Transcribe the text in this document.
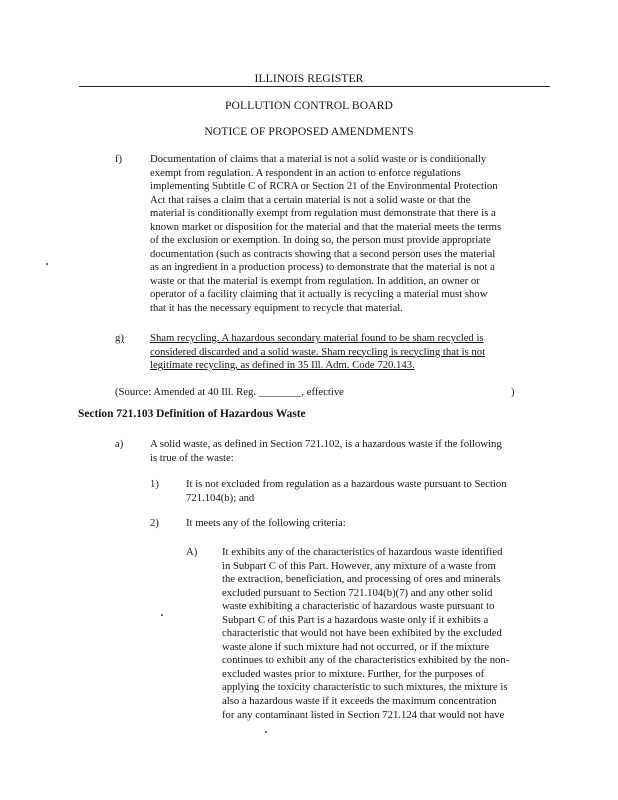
ILLINOIS REGISTER
POLLUTION CONTROL BOARD
NOTICE OF PROPOSED AMENDMENTS
f)	Documentation of claims that a material is not a solid waste or is conditionally
exempt from regulation. A respondent in an action to enforce regulations
implementing Subtitle C of RCRA or Section 21 of the Environmental Protection
Act that raises a claim that a certain material is not a solid waste or that the
material is conditionally exempt from regulation must demonstrate that there is a
known market or disposition for the material and that the material meets the terms
of the exclusion or exemption. In doing so, the person must provide appropriate
documentation (such as contracts showing that a second person uses the material
as an ingredient in a production process) to demonstrate that the material is not a
waste or that the material is exempt from regulation. In addition, an owner or
operator of a facility claiming that it actually is recycling a material must show
that it has the necessary equipment to recycle that material.
g) Sham recycling. A hazardous secondary material found to be sham recycled is
considered discarded and a solid waste. Sham recycling is recycling that is not
legitimate recycling, as defined in 35 Ill. Adm. Code 720.143.
(Source: Amended at 40 Ill. Reg. ________, effective	)
Section 721.103 Definition of Hazardous Waste
a) A solid waste, as defined in Section 721.102, is a hazardous waste if the following
is true of the waste:
1)	It is not excluded from regulation as a hazardous waste pursuant to Section
721.104(b); and
2)	It meets any of the following criteria:
A) It exhibits any of the characteristics of hazardous waste identified
in Subpart C of this Part. However, any mixture of a waste from
the extraction, beneficiation, and processing of ores and minerals
excluded pursuant to Section 721.104(b)(7) and any other solid
waste exhibiting a characteristic of hazardous waste pursuant to
Subpart C of this Part is a hazardous waste only if it exhibits a
characteristic that would not have been exhibited by the excluded
waste alone if such mixture had not occurred, or if the mixture
continues to exhibit any of the characteristics exhibited by the non-
excluded wastes prior to mixture. Further, for the purposes of
applying the toxicity characteristic to such mixtures, the mixture is
also a hazardous waste if it exceeds the maximum concentration
for any contaminant listed in Section 721.124 that would not have
